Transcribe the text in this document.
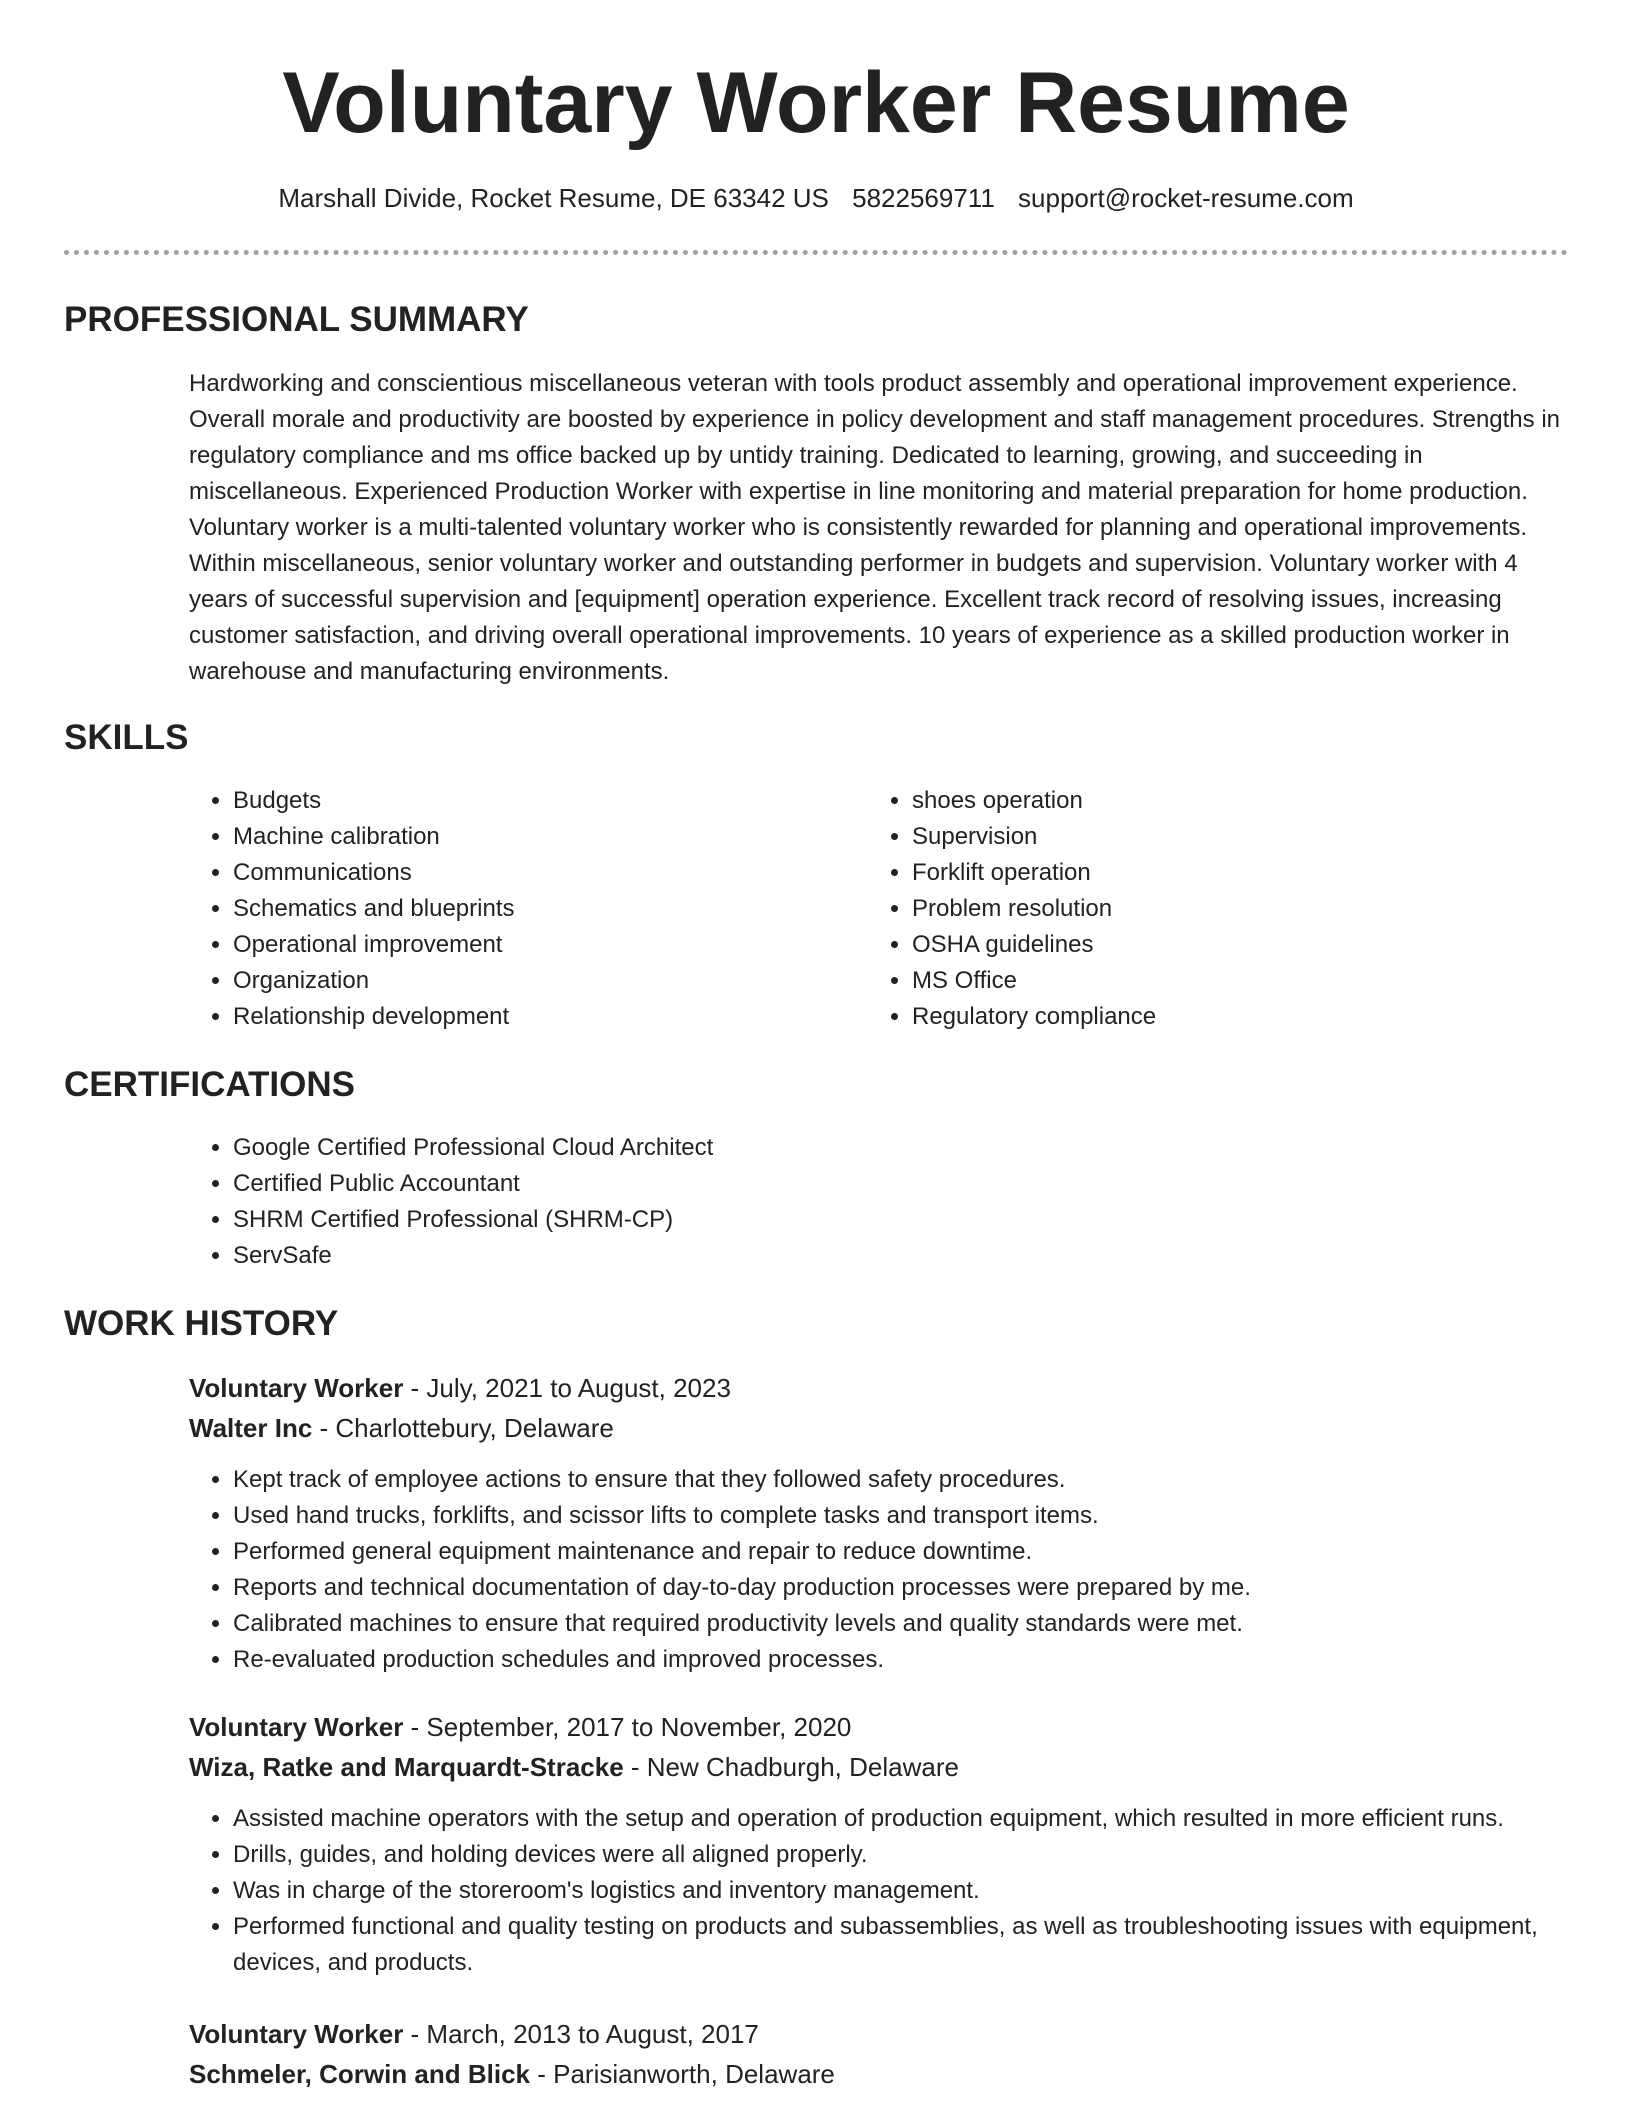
Voluntary Worker Resume
Marshall Divide, Rocket Resume, DE 63342 US 5822569711 support@rocket-resume.com
PROFESSIONAL SUMMARY

Hardworking and conscientious miscellaneous veteran with tools product assembly and operational improvement experience. Overall morale and productivity are boosted by experience in policy development and staff management procedures. Strengths in regulatory compliance and ms office backed up by untidy training. Dedicated to learning, growing, and succeeding in miscellaneous. Experienced Production Worker with expertise in line monitoring and material preparation for home production. Voluntary worker is a multi-talented voluntary worker who is consistently rewarded for planning and operational improvements. Within miscellaneous, senior voluntary worker and outstanding performer in budgets and supervision. Voluntary worker with 4 years of successful supervision and [equipment] operation experience. Excellent track record of resolving issues, increasing customer satisfaction, and driving overall operational improvements. 10 years of experience as a skilled production worker in warehouse and manufacturing environments.

SKILLS
• Budgets
• Machine calibration
• Communications
• Schematics and blueprints
• Operational improvement
• Organization
• Relationship development
• shoes operation
• Supervision
• Forklift operation
• Problem resolution
• OSHA guidelines
• MS Office
• Regulatory compliance
CERTIFICATIONS
• Google Certified Professional Cloud Architect
• Certified Public Accountant
• SHRM Certified Professional (SHRM-CP)
• ServSafe
WORK HISTORY
Voluntary Worker - July, 2021 to August, 2023
Walter Inc - Charlottebury, Delaware
• Kept track of employee actions to ensure that they followed safety procedures.
• Used hand trucks, forklifts, and scissor lifts to complete tasks and transport items.
• Performed general equipment maintenance and repair to reduce downtime.
• Reports and technical documentation of day-to-day production processes were prepared by me.
• Calibrated machines to ensure that required productivity levels and quality standards were met.
• Re-evaluated production schedules and improved processes.
Voluntary Worker - September, 2017 to November, 2020
Wiza, Ratke and Marquardt-Stracke - New Chadburgh, Delaware
• Assisted machine operators with the setup and operation of production equipment, which resulted in more efficient runs.
• Drills, guides, and holding devices were all aligned properly.
• Was in charge of the storeroom's logistics and inventory management.
• Performed functional and quality testing on products and subassemblies, as well as troubleshooting issues with equipment, devices, and products.
Voluntary Worker - March, 2013 to August, 2017
Schmeler, Corwin and Blick - Parisianworth, Delaware
